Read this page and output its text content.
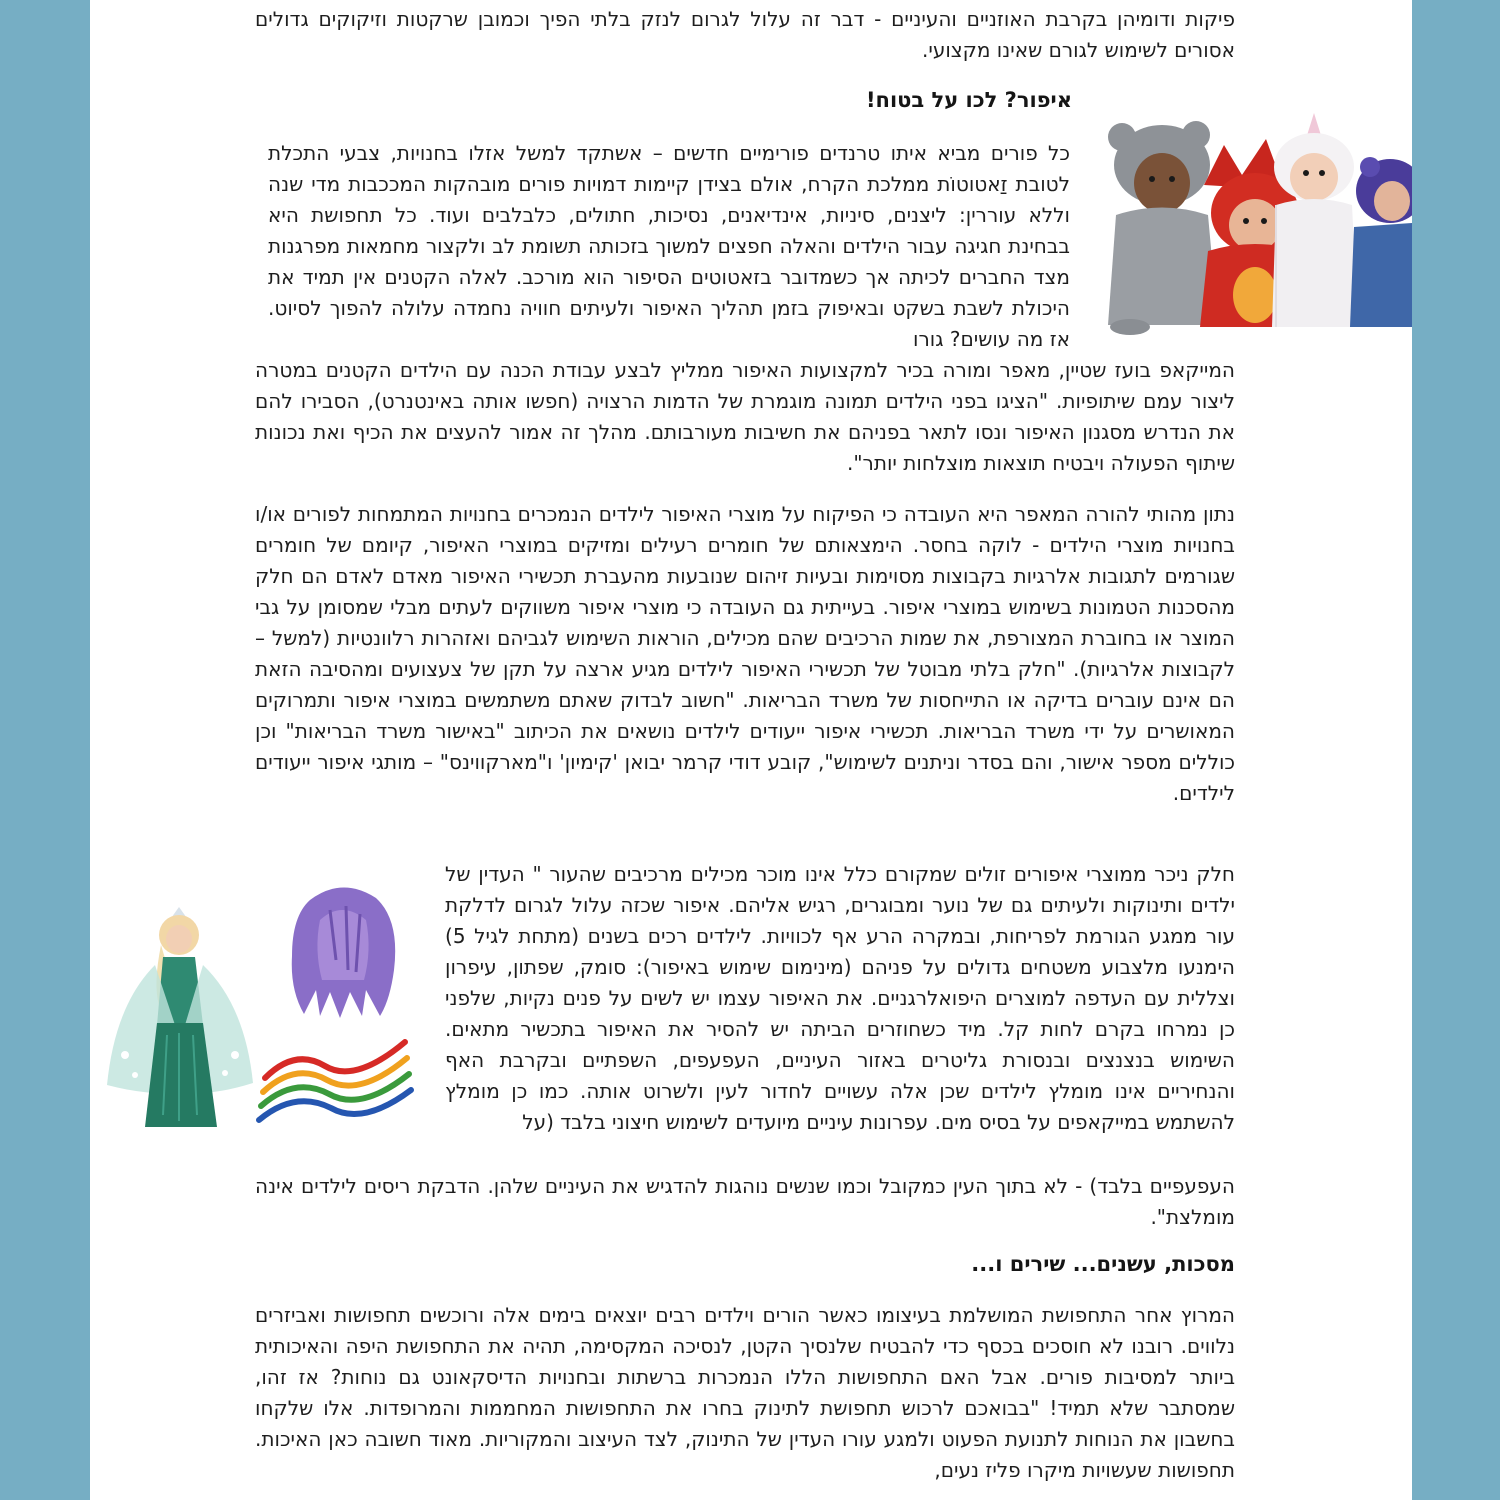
פיקות ודומיהן בקרבת האוזניים והעיניים - דבר זה עלול לגרום לנזק בלתי הפיך וכמובן שרקטות וזיקוקים גדולים אסורים לשימוש לגורם שאינו מקצועי.

איפור? לכו על בטוח!

כל פורים מביא איתו טרנדים פורימיים חדשים – אשתקד למשל אזלו בחנויות, צבעי התכלת לטובת זַאטוטוֹת ממלכת הקרח, אולם בצידן קיימות דמויות פורים מובהקות המככבות מדי שנה וללא עוררין: ליצנים, סיניות, אינדיאנים, נסיכות, חתולים, כלבלבים ועוד. כל תחפושת היא בבחינת חגיגה עבור הילדים והאלה חפצים למשוך בזכותה תשומת לב ולקצור מחמאות מפרגנות מצד החברים לכיתה אך כשמדובר בזאטוטים הסיפור הוא מורכב. לאלה הקטנים אין תמיד את היכולת לשבת בשקט ובאיפוק בזמן תהליך האיפור ולעיתים חוויה נחמדה עלולה להפוך לסיוט. אז מה עושים? גורו

המייקאפ בועז שטיין, מאפר ומורה בכיר למקצועות האיפור ממליץ לבצע עבודת הכנה עם הילדים הקטנים במטרה ליצור עמם שיתופיות. "הציגו בפני הילדים תמונה מוגמרת של הדמות הרצויה (חפשו אותה באינטנרט), הסבירו להם את הנדרש מסגנון האיפור ונסו לתאר בפניהם את חשיבות מעורבותם. מהלך זה אמור להעצים את הכיף ואת נכונות שיתוף הפעולה ויבטיח תוצאות מוצלחות יותר".

נתון מהותי להורה המאפר היא העובדה כי הפיקוח על מוצרי האיפור לילדים הנמכרים בחנויות המתמחות לפורים או/ו בחנויות מוצרי הילדים - לוקה בחסר. הימצאותם של חומרים רעילים ומזיקים במוצרי האיפור, קיומם של חומרים שגורמים לתגובות אלרגיות בקבוצות מסוימות ובעיות זיהום שנובעות מהעברת תכשירי האיפור מאדם לאדם הם חלק מהסכנות הטמונות בשימוש במוצרי איפור. בעייתית גם העובדה כי מוצרי איפור משווקים לעתים מבלי שמסומן על גבי המוצר או בחוברת המצורפת, את שמות הרכיבים שהם מכילים, הוראות השימוש לגביהם ואזהרות רלוונטיות (למשל – לקבוצות אלרגיות). "חלק בלתי מבוטל של תכשירי האיפור לילדים מגיע ארצה על תקן של צעצועים ומהסיבה הזאת הם אינם עוברים בדיקה או התייחסות של משרד הבריאות. "חשוב לבדוק שאתם משתמשים במוצרי איפור ותמרוקים המאושרים על ידי משרד הבריאות. תכשירי איפור ייעודים לילדים נושאים את הכיתוב "באישור משרד הבריאות" וכן כוללים מספר אישור, והם בסדר וניתנים לשימוש", קובע דודי קרמר יבואן 'קימיון' ו"מארקווינס" – מותגי איפור ייעודים לילדים.

חלק ניכר ממוצרי איפורים זולים שמקורם כלל אינו מוכר מכילים מרכיבים שהעור " העדין של ילדים ותינוקות ולעיתים גם של נוער ומבוגרים, רגיש אליהם. איפור שכזה עלול לגרום לדלקת עור ממגע הגורמת לפריחות, ובמקרה הרע אף לכוויות. לילדים רכים בשנים (מתחת לגיל 5) הימנעו מלצבוע משטחים גדולים על פניהם (מינימום שימוש באיפור): סומק, שפתון, עיפרון וצללית עם העדפה למוצרים היפואלרגניים. את האיפור עצמו יש לשים על פנים נקיות, שלפני כן נמרחו בקרם לחות קל. מיד כשחוזרים הביתה יש להסיר את האיפור בתכשיר מתאים. השימוש בנצנצים ובנסורת גליטרים באזור העיניים, העפעפים, השפתיים ובקרבת האף והנחיריים אינו מומלץ לילדים שכן אלה עשויים לחדור לעין ולשרוט אותה. כמו כן מומלץ להשתמש במייקאפים על בסיס מים. עפרונות עיניים מיועדים לשימוש חיצוני בלבד (על

העפעפיים בלבד) - לא בתוך העין כמקובל וכמו שנשים נוהגות להדגיש את העיניים שלהן. הדבקת ריסים לילדים אינה מומלצת".

מסכות, עשנים... שירים ו...

המרוץ אחר התחפושת המושלמת בעיצומו כאשר הורים וילדים רבים יוצאים בימים אלה ורוכשים תחפושות ואביזרים נלווים. רובנו לא חוסכים בכסף כדי להבטיח שלנסיך הקטן, לנסיכה המקסימה, תהיה את התחפושת היפה והאיכותית ביותר למסיבות פורים. אבל האם התחפושות הללו הנמכרות ברשתות ובחנויות הדיסקאונט גם נוחות? אז זהו, שמסתבר שלא תמיד! "בבואכם לרכוש תחפושת לתינוק בחרו את התחפושות המחממות והמרופדות. אלו שלקחו בחשבון את הנוחות לתנועת הפעוט ולמגע עורו העדין של התינוק, לצד העיצוב והמקוריות. מאוד חשובה כאן האיכות. תחפושות שעשויות מיקרו פליז נעים,
